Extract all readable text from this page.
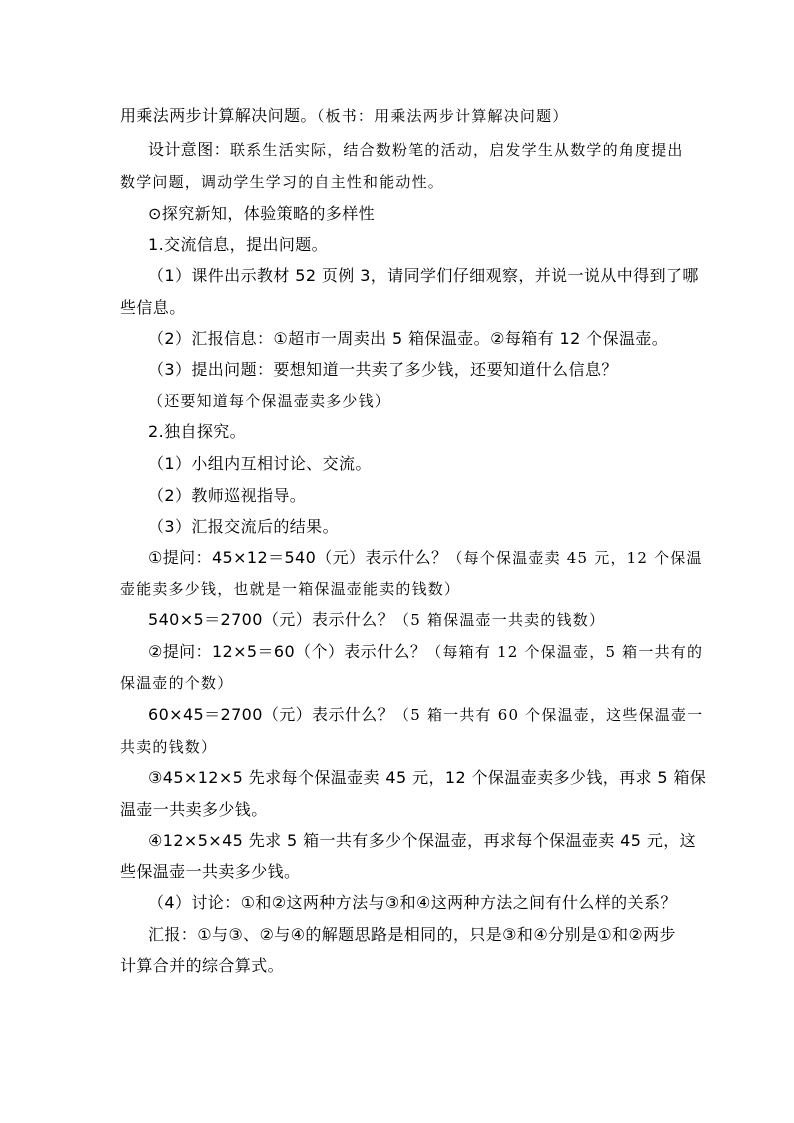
用乘法两步计算解决问题。（板书：用乘法两步计算解决问题）
设计意图：联系生活实际，结合数粉笔的活动，启发学生从数学的角度提出
数学问题，调动学生学习的自主性和能动性。
⊙探究新知，体验策略的多样性
1.交流信息，提出问题。
（1）课件出示教材 52 页例 3，请同学们仔细观察，并说一说从中得到了哪
些信息。
（2）汇报信息：①超市一周卖出 5 箱保温壶。②每箱有 12 个保温壶。
（3）提出问题：要想知道一共卖了多少钱，还要知道什么信息？
（还要知道每个保温壶卖多少钱）
2.独自探究。
（1）小组内互相讨论、交流。
（2）教师巡视指导。
（3）汇报交流后的结果。
①提问：45×12＝540（元）表示什么？（每个保温壶卖 45 元，12 个保温
壶能卖多少钱，也就是一箱保温壶能卖的钱数）
540×5＝2700（元）表示什么？（5 箱保温壶一共卖的钱数）
②提问：12×5＝60（个）表示什么？（每箱有 12 个保温壶，5 箱一共有的
保温壶的个数）
60×45＝2700（元）表示什么？（5 箱一共有 60 个保温壶，这些保温壶一
共卖的钱数）
③45×12×5 先求每个保温壶卖 45 元，12 个保温壶卖多少钱，再求 5 箱保
温壶一共卖多少钱。
④12×5×45 先求 5 箱一共有多少个保温壶，再求每个保温壶卖 45 元，这
些保温壶一共卖多少钱。
（4）讨论：①和②这两种方法与③和④这两种方法之间有什么样的关系？
汇报：①与③、②与④的解题思路是相同的，只是③和④分别是①和②两步
计算合并的综合算式。
